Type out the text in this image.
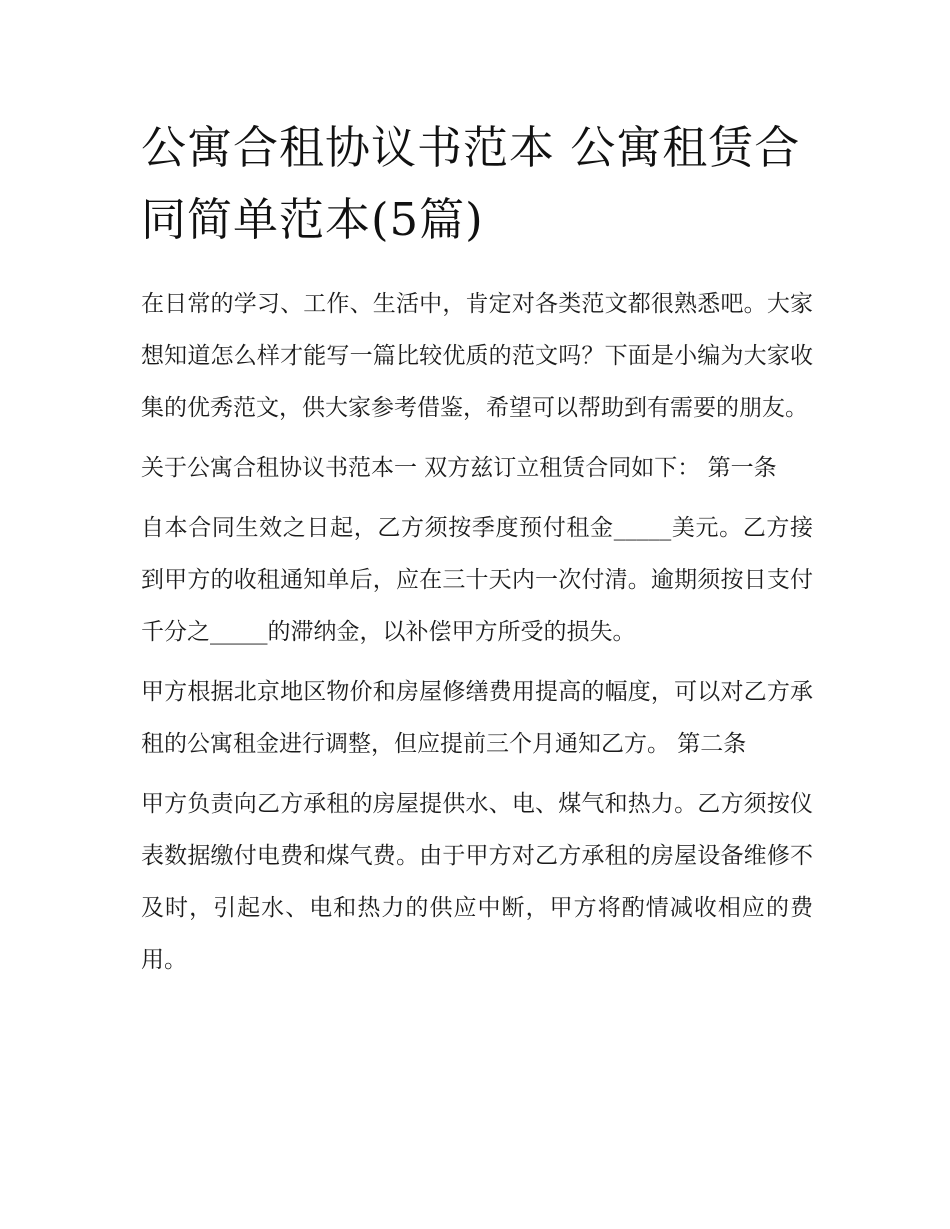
公寓合租协议书范本 公寓租赁合同简单范本(5篇)

在日常的学习、工作、生活中，肯定对各类范文都很熟悉吧。大家想知道怎么样才能写一篇比较优质的范文吗？下面是小编为大家收集的优秀范文，供大家参考借鉴，希望可以帮助到有需要的朋友。

关于公寓合租协议书范本一 双方兹订立租赁合同如下： 第一条

自本合同生效之日起，乙方须按季度预付租金_____美元。乙方接到甲方的收租通知单后，应在三十天内一次付清。逾期须按日支付千分之_____的滞纳金，以补偿甲方所受的损失。

甲方根据北京地区物价和房屋修缮费用提高的幅度，可以对乙方承租的公寓租金进行调整，但应提前三个月通知乙方。 第二条

甲方负责向乙方承租的房屋提供水、电、煤气和热力。乙方须按仪表数据缴付电费和煤气费。由于甲方对乙方承租的房屋设备维修不及时，引起水、电和热力的供应中断，甲方将酌情减收相应的费用。
